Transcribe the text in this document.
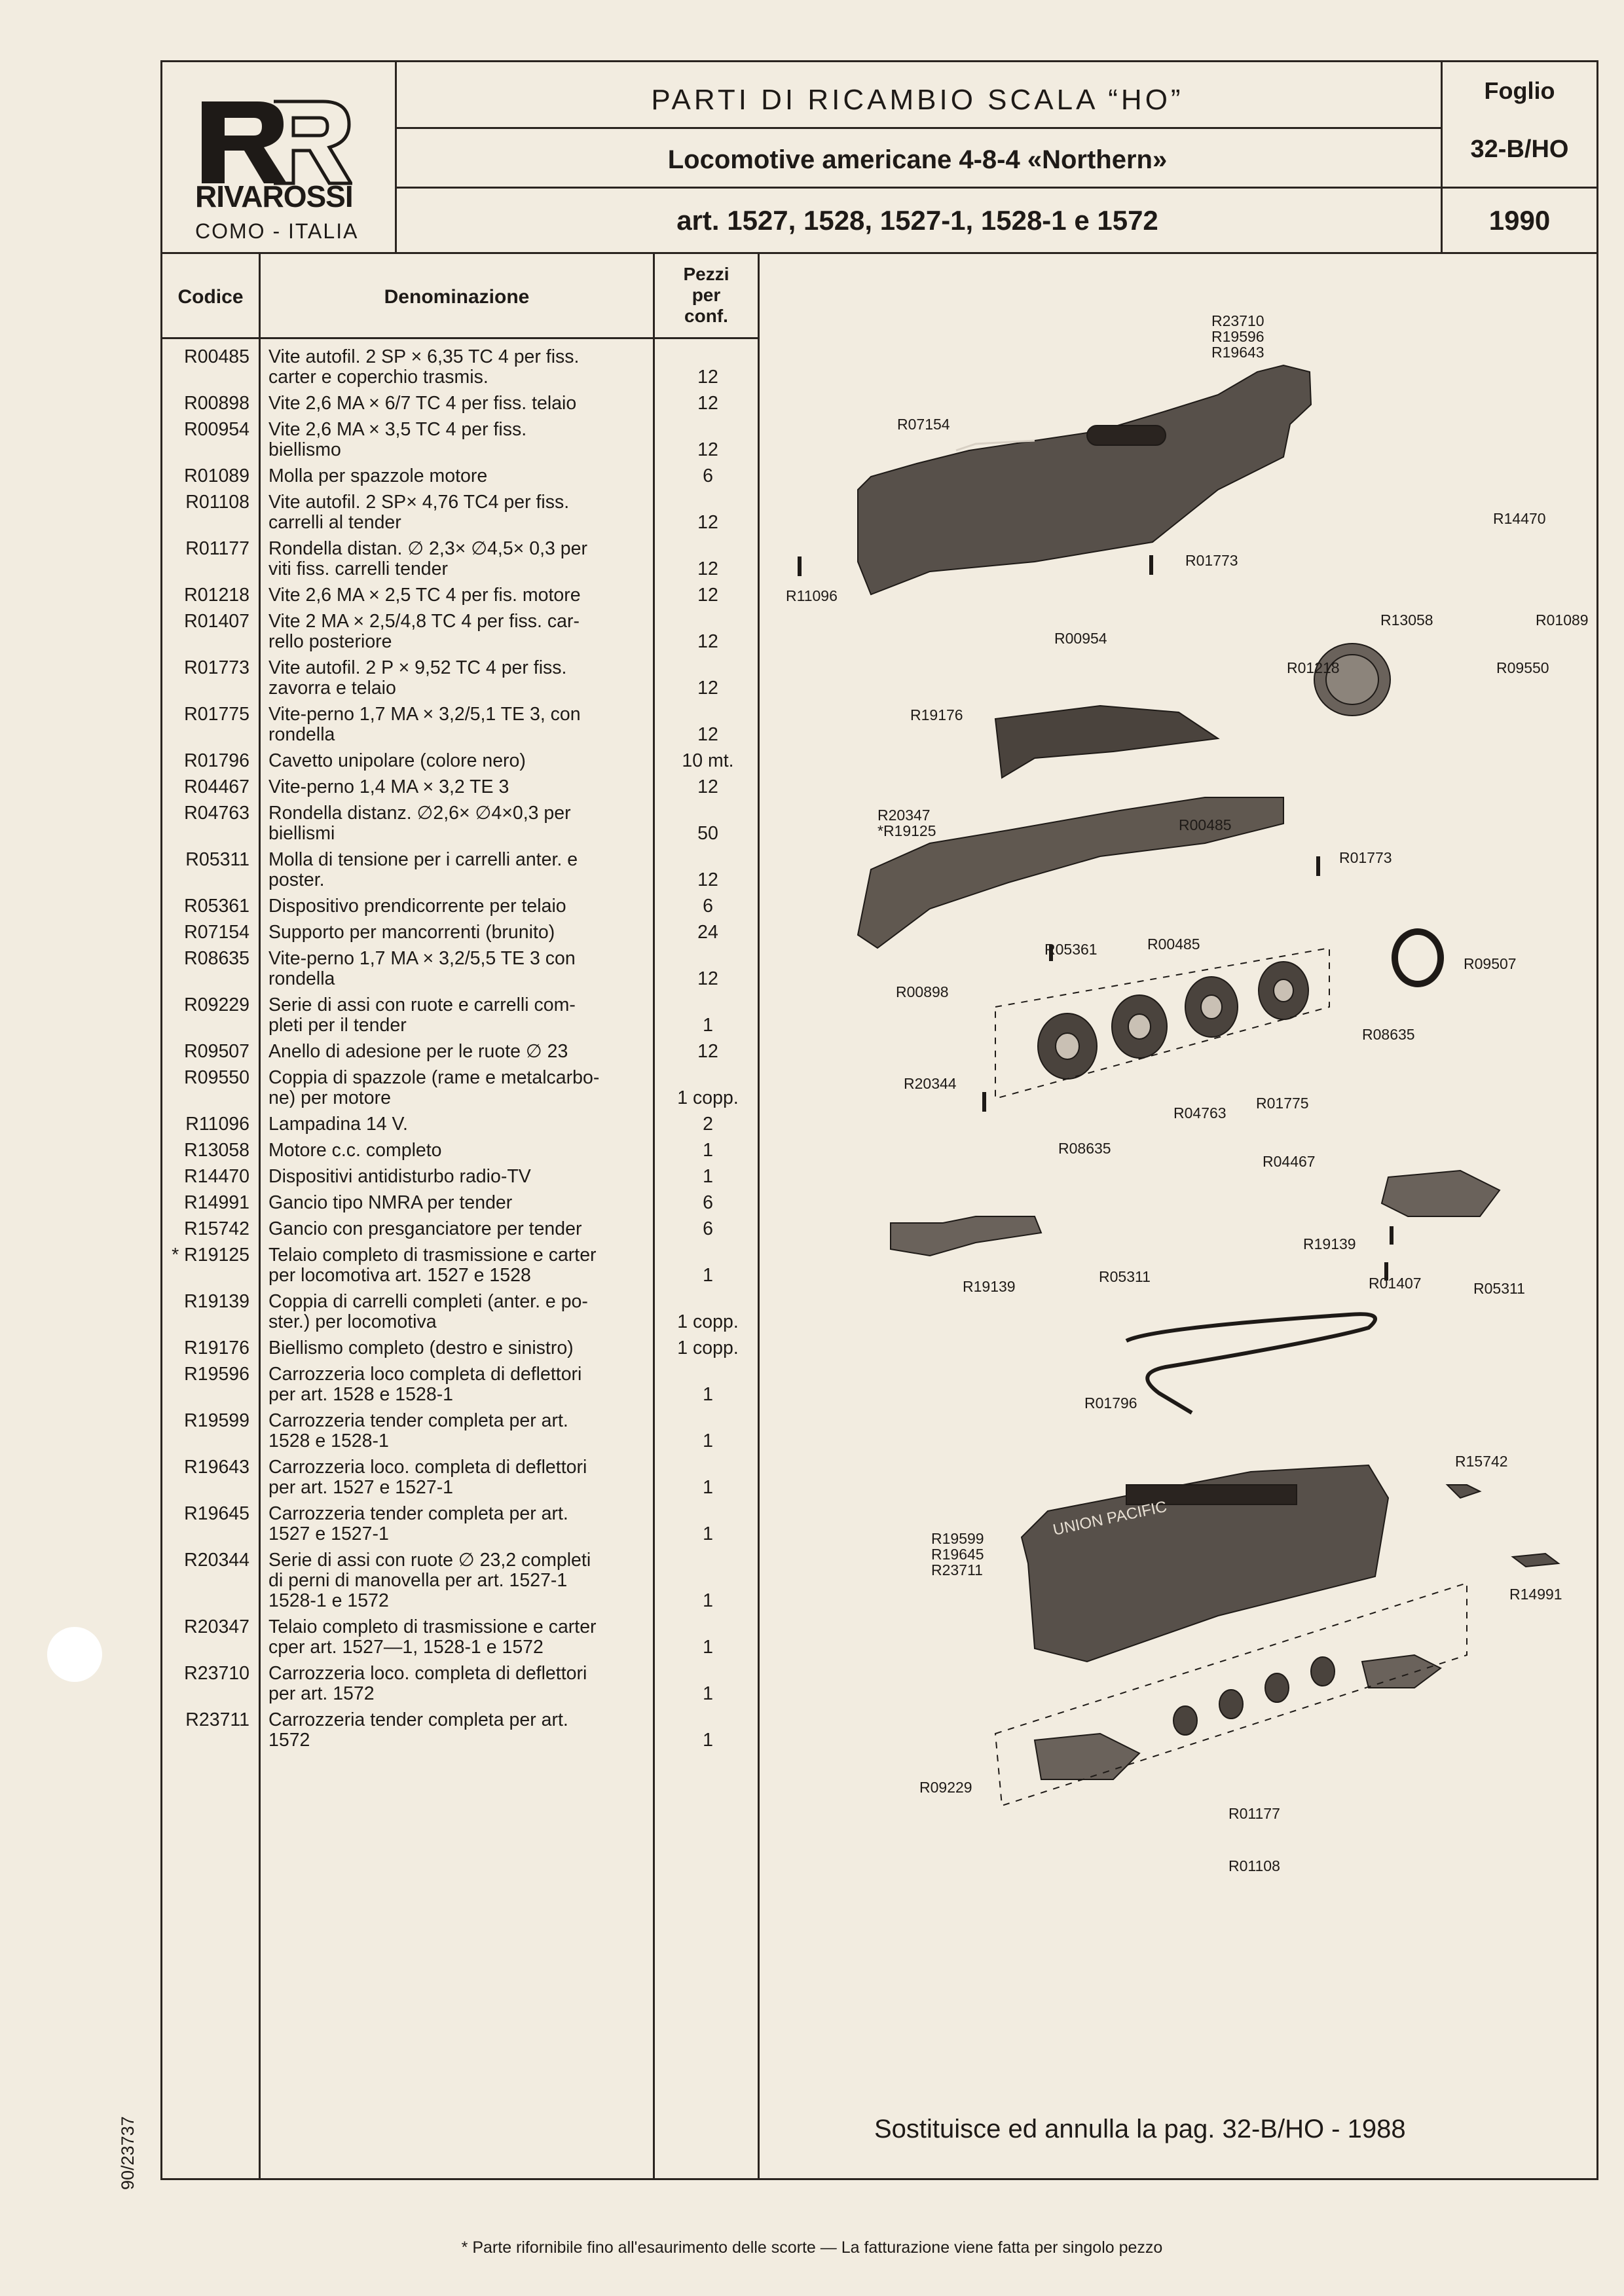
RIVAROSSI
COMO - ITALIA
PARTI DI RICAMBIO SCALA “HO”
Locomotive americane 4-8-4 «Northern»
art. 1527, 1528, 1527-1, 1528-1 e 1572
Foglio
32-B/HO
1990
Codice	Denominazione
Pezzi
per
conf.
R00485 Vite autofil. 2 SP × 6,35 TC 4 per fiss.
carter e coperchio trasmis.	12
R00898 Vite 2,6 MA × 6/7 TC 4 per fiss. telaio	12
R00954 Vite 2,6 MA × 3,5 TC 4 per fiss.
biellismo	12
R01089 Molla per spazzole motore	6
R01108 Vite autofil. 2 SP× 4,76 TC4 per fiss.
carrelli al tender	12
R01177 Rondella distan. ∅ 2,3× ∅4,5× 0,3 per
viti fiss. carrelli tender	12
R01218 Vite 2,6 MA × 2,5 TC 4 per fis. motore	12
R01407 Vite 2 MA × 2,5/4,8 TC 4 per fiss. car-
rello posteriore	12
R01773 Vite autofil. 2 P × 9,52 TC 4 per fiss.
zavorra e telaio	12
R01775 Vite-perno 1,7 MA × 3,2/5,1 TE 3, con
rondella	12
R01796 Cavetto unipolare (colore nero)	10 mt.
R04467 Vite-perno 1,4 MA × 3,2 TE 3	12
R04763 Rondella distanz. ∅2,6× ∅4×0,3 per
biellismi	50
R05311 Molla di tensione per i carrelli anter. e
poster.	12
R05361 Dispositivo prendicorrente per telaio	6
R07154 Supporto per mancorrenti (brunito)	24
R08635 Vite-perno 1,7 MA × 3,2/5,5 TE 3 con
rondella	12
R09229 Serie di assi con ruote e carrelli com-
pleti per il tender	1
R09507 Anello di adesione per le ruote ∅ 23	12
R09550 Coppia di spazzole (rame e metalcarbo-
ne) per motore	1 copp.
R11096 Lampadina 14 V.	2
R13058 Motore c.c. completo	1
R14470 Dispositivi antidisturbo radio-TV	1
R14991 Gancio tipo NMRA per tender	6
R15742 Gancio con presganciatore per tender	6
* R19125 Telaio completo di trasmissione e carter
per locomotiva art. 1527 e 1528	1
R19139 Coppia di carrelli completi (anter. e po-
ster.) per locomotiva	1 copp.
R19176 Biellismo completo (destro e sinistro)	1 copp.
R19596 Carrozzeria loco completa di deflettori
per art. 1528 e 1528-1	1
R19599 Carrozzeria tender completa per art.
1528 e 1528-1	1
R19643 Carrozzeria loco. completa di deflettori
per art. 1527 e 1527-1	1
R19645 Carrozzeria tender completa per art.
1527 e 1527-1	1
R20344 Serie di assi con ruote ∅ 23,2 completi
di perni di manovella per art. 1527-1
1528-1 e 1572	1
R20347 Telaio completo di trasmissione e carter
cper art. 1527—1, 1528-1 e 1572	1
R23710 Carrozzeria loco. completa di deflettori
per art. 1572	1
R23711 Carrozzeria tender completa per art.
1572	1
R23710
R19596
R19643
R07154
R14470
R01773
R11096
R13058	R01089
R00954
R01218	R09550
R19176
R00485
R20347
*R19125
R01773
R05361	R00485
R09507
R00898
R08635
R20344
R01775
R04763
R08635
R04467
R19139
R05311
R19139	R01407	R05311
R01796
R15742
R19599
R19645
R23711
R14991
R09229
R01177
R01108
UNION PACIFIC
Sostituisce ed annulla la pag. 32-B/HO - 1988
* Parte rifornibile fino all'esaurimento delle scorte — La fatturazione viene fatta per singolo pezzo
90/23737
